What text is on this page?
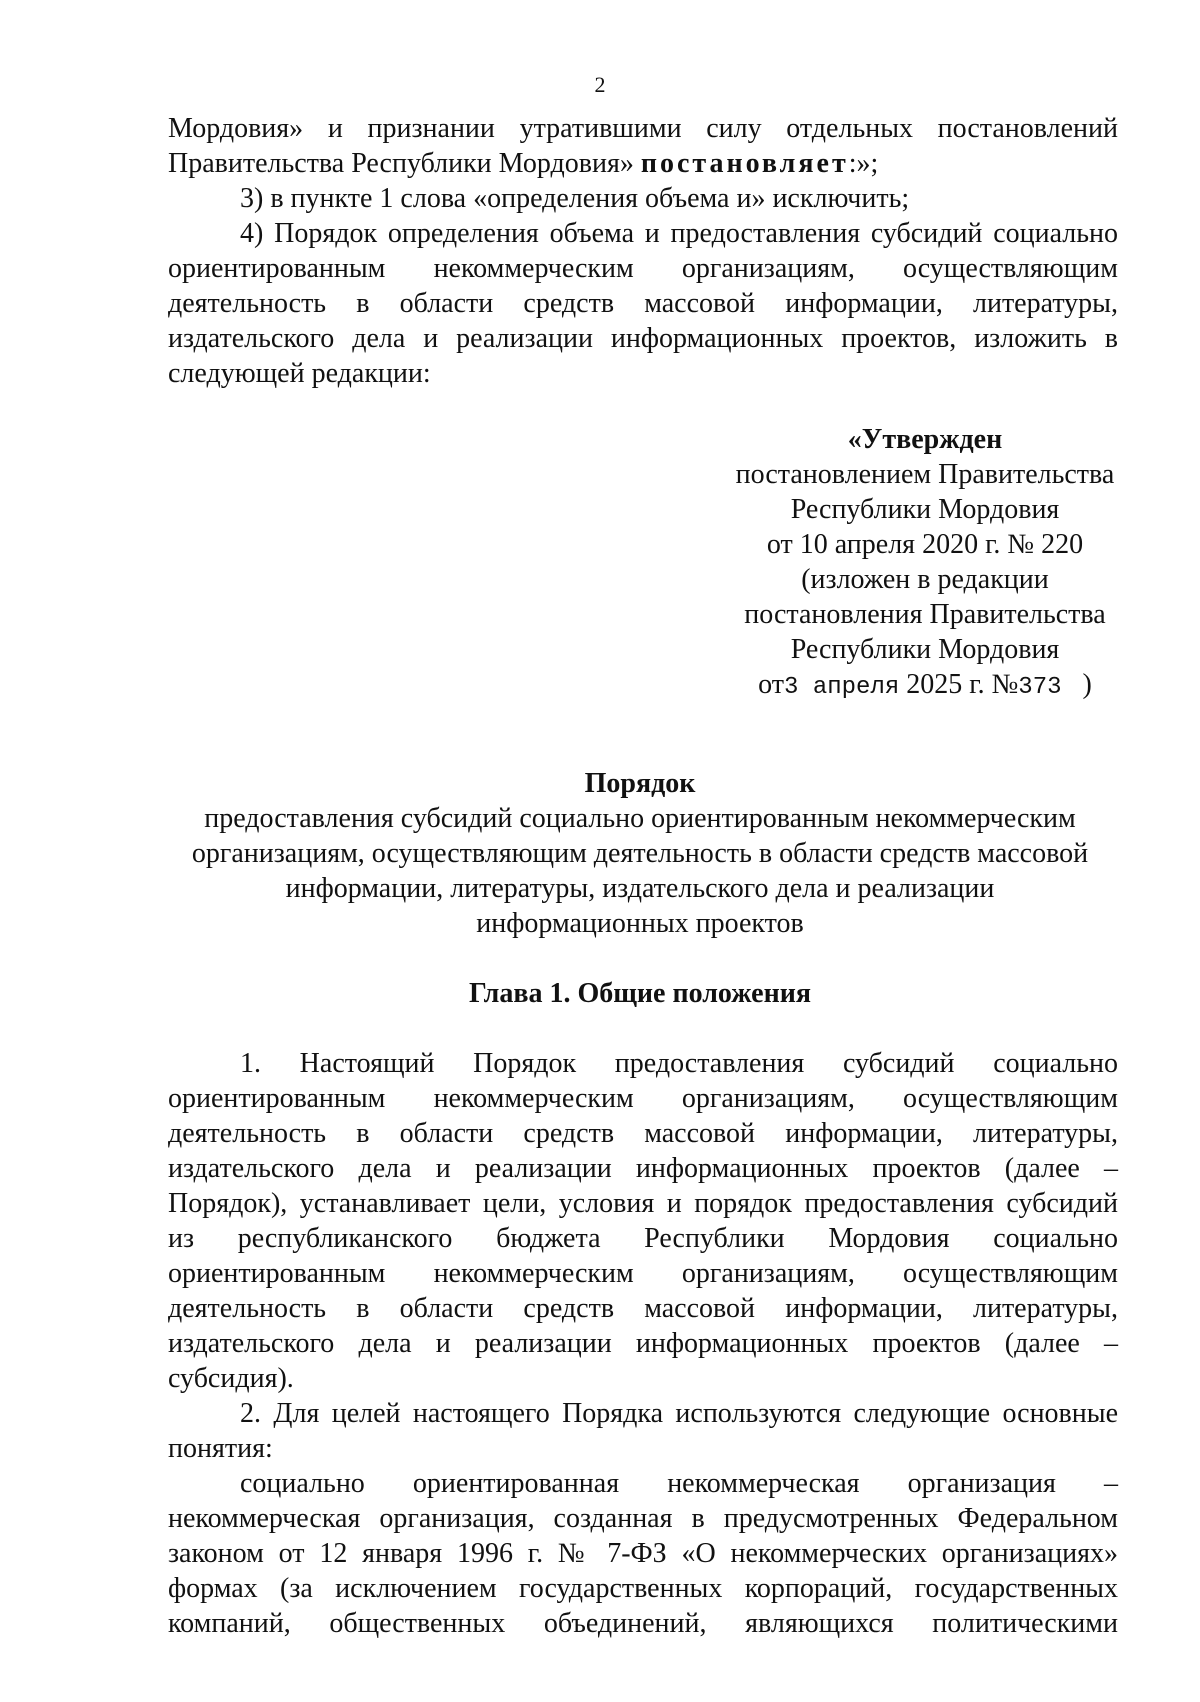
2
Мордовия» и признании утратившими силу отдельных постановлений
Правительства Республики Мордовия» постановляет:»;
3) в пункте 1 слова «определения объема и» исключить;
4) Порядок определения объема и предоставления субсидий социально
ориентированным некоммерческим организациям, осуществляющим
деятельность в области средств массовой информации, литературы,
издательского дела и реализации информационных проектов, изложить в
следующей редакции:
«Утвержден
постановлением Правительства
Республики Мордовия
от 10 апреля 2020 г. № 220
(изложен в редакции
постановления Правительства
Республики Мордовия
от3 апреля 2025 г. №373 )
Порядок
предоставления субсидий социально ориентированным некоммерческим
организациям, осуществляющим деятельность в области средств массовой
информации, литературы, издательского дела и реализации
информационных проектов
Глава 1. Общие положения
1. Настоящий Порядок предоставления субсидий социально
ориентированным некоммерческим организациям, осуществляющим
деятельность в области средств массовой информации, литературы,
издательского дела и реализации информационных проектов (далее –
Порядок), устанавливает цели, условия и порядок предоставления субсидий
из республиканского бюджета Республики Мордовия социально
ориентированным некоммерческим организациям, осуществляющим
деятельность в области средств массовой информации, литературы,
издательского дела и реализации информационных проектов (далее –
субсидия).
2. Для целей настоящего Порядка используются следующие основные
понятия:
социально ориентированная некоммерческая организация –
некоммерческая организация, созданная в предусмотренных Федеральном
законом от 12 января 1996 г. № 7-ФЗ «О некоммерческих организациях»
формах (за исключением государственных корпораций, государственных
компаний, общественных объединений, являющихся политическими
